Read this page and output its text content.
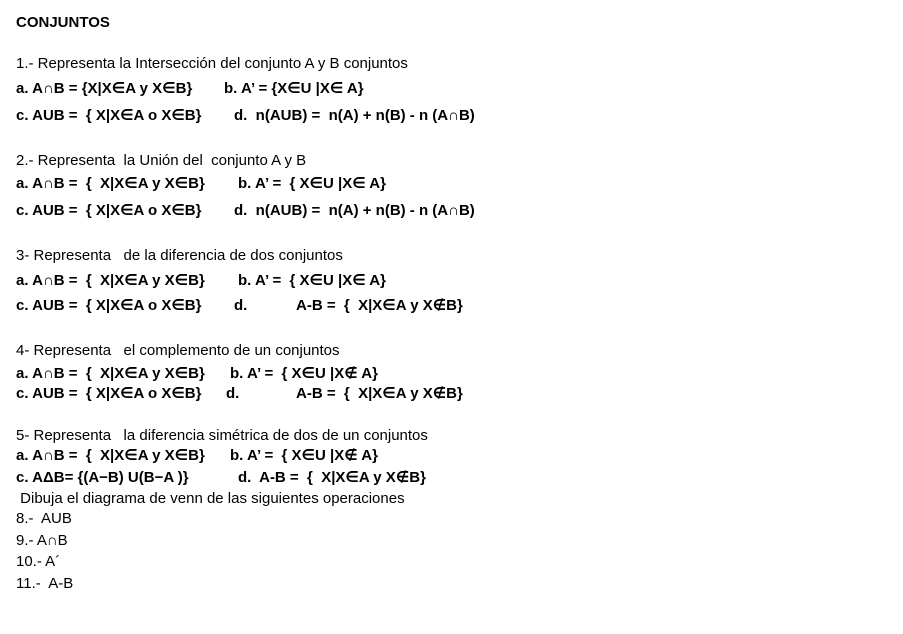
CONJUNTOS
1.- Representa la Intersección del conjunto A y B conjuntos

a. A∩B = {X|X∈A y X∈B}

b. A’ = {X∈U |X∈ A}

c. AUB =  { X|X∈A o X∈B}

d.  n(AUB) =  n(A) + n(B) - n (A∩B)

2.- Representa  la Unión del  conjunto A y B

a. A∩B =  {  X|X∈A y X∈B}

b. A’ =  { X∈U |X∈ A}

c. AUB =  { X|X∈A o X∈B}

d.  n(AUB) =  n(A) + n(B) - n (A∩B)

3- Representa   de la diferencia de dos conjuntos

a. A∩B =  {  X|X∈A y X∈B}

b. A’ =  { X∈U |X∈ A}

c. AUB =  { X|X∈A o X∈B}

d.

	A-B =  {  X|X∈A y X∉B}

4- Representa   el complemento de un conjuntos

a. A∩B =  {  X|X∈A y X∈B}

b. A’ =  { X∈U |X∉ A}

c. AUB =  { X|X∈A o X∈B}

d.

	A-B =  {  X|X∈A y X∉B}

5- Representa   la diferencia simétrica de dos de un conjuntos

a. A∩B =  {  X|X∈A y X∈B}

b. A’ =  { X∈U |X∉ A}

c. AΔB= {(A−B) U(B−A )}

	d.  A-B =  {  X|X∈A y X∉B}

Dibuja el diagrama de venn de las siguientes operaciones
8.-  AUB
9.- A∩B
10.- A´
11.-  A-B
